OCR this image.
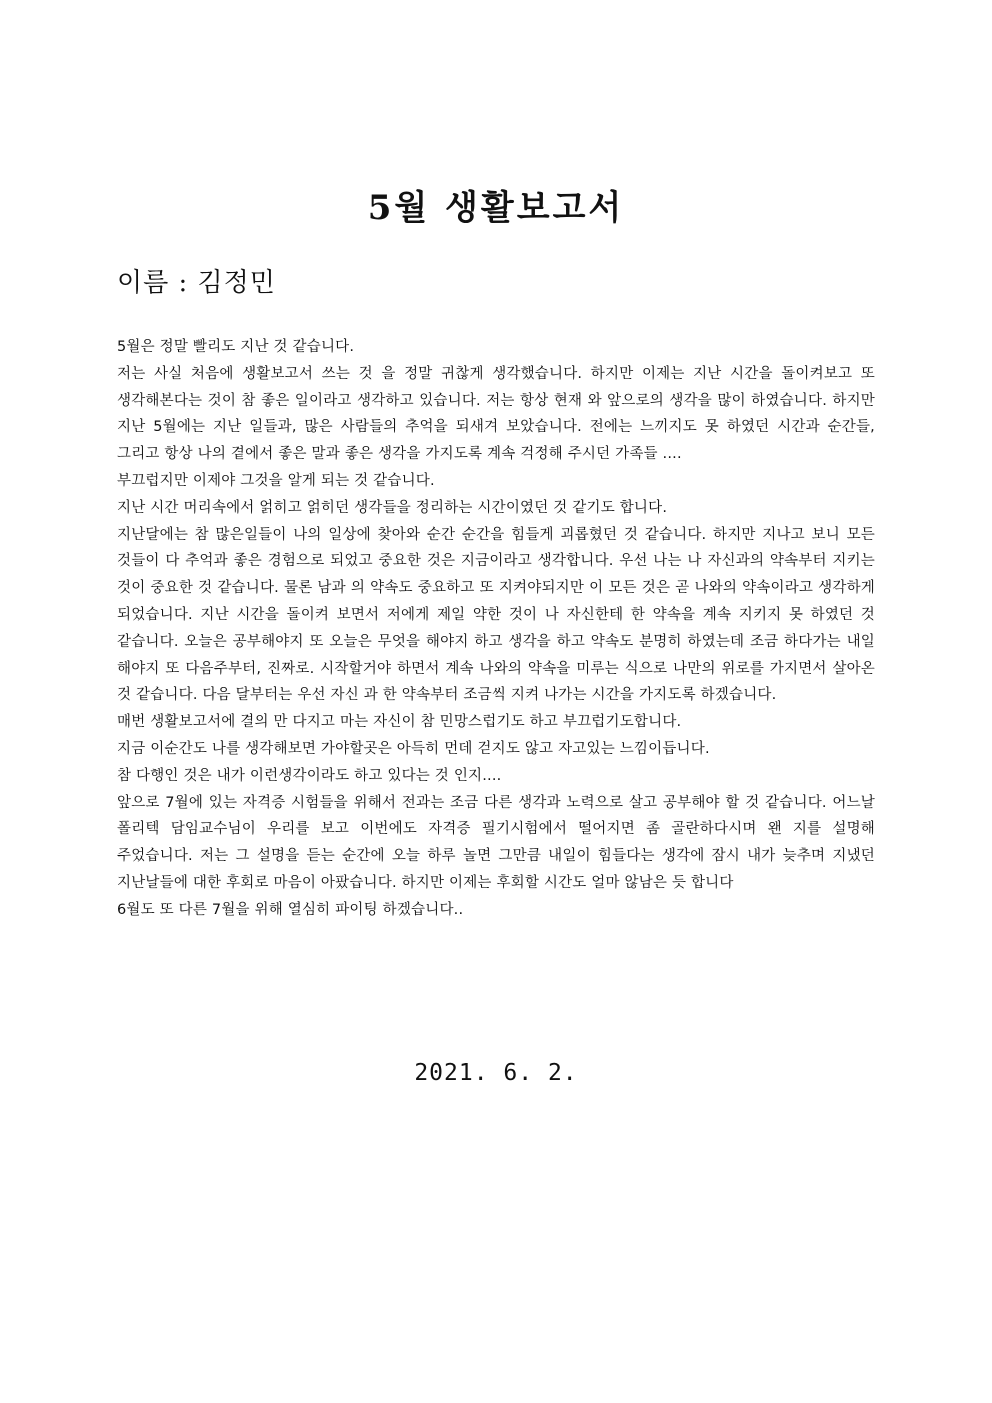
5월 생활보고서
이름 : 김정민

5월은 정말 빨리도 지난 것 같습니다.

저는 사실 처음에 생활보고서 쓰는 것 을 정말 귀찮게 생각했습니다. 하지만 이제는 지난 시간을 돌이켜보고 또 생각해본다는 것이 참 좋은 일이라고 생각하고 있습니다. 저는 항상 현재 와 앞으로의 생각을 많이 하였습니다. 하지만 지난 5월에는 지난 일들과, 많은 사람들의 추억을 되새겨 보았습니다. 전에는 느끼지도 못 하였던 시간과 순간들, 그리고 항상 나의 곁에서 좋은 말과 좋은 생각을 가지도록 계속 걱정해 주시던 가족들 ....

부끄럽지만 이제야 그것을 알게 되는 것 같습니다.

지난 시간 머리속에서 얽히고 얽히던 생각들을 정리하는 시간이였던 것 같기도 합니다.

지난달에는 참 많은일들이 나의 일상에 찾아와 순간 순간을 힘들게 괴롭혔던 것 같습니다. 하지만 지나고 보니 모든 것들이 다 추억과 좋은 경험으로 되었고 중요한 것은 지금이라고 생각합니다. 우선 나는 나 자신과의 약속부터 지키는 것이 중요한 것 같습니다. 물론 남과 의 약속도 중요하고 또 지켜야되지만 이 모든 것은 곧 나와의 약속이라고 생각하게 되었습니다. 지난 시간을 돌이켜 보면서 저에게 제일 약한 것이 나 자신한테 한 약속을 계속 지키지 못 하였던 것 같습니다. 오늘은 공부해야지 또 오늘은 무엇을 해야지 하고 생각을 하고 약속도 분명히 하였는데 조금 하다가는 내일 해야지 또 다음주부터, 진짜로. 시작할거야 하면서 계속 나와의 약속을 미루는 식으로 나만의 위로를 가지면서 살아온 것 같습니다. 다음 달부터는 우선 자신 과 한 약속부터 조금씩 지켜 나가는 시간을 가지도록 하겠습니다.

매번 생활보고서에 결의 만 다지고 마는 자신이 참 민망스럽기도 하고 부끄럽기도합니다.

지금 이순간도 나를 생각해보면 가야할곳은 아득히 먼데 걷지도 않고 자고있는 느낌이듭니다.

참 다행인 것은 내가 이런생각이라도 하고 있다는 것 인지....

앞으로 7월에 있는 자격증 시험들을 위해서 전과는 조금 다른 생각과 노력으로 살고 공부해야 할 것 같습니다. 어느날 폴리텍 담임교수님이 우리를 보고 이번에도 자격증 필기시험에서 떨어지면 좀 골란하다시며 왠 지를 설명해 주었습니다. 저는 그 설명을 듣는 순간에 오늘 하루 놀면 그만큼 내일이 힘들다는 생각에 잠시 내가 늦추며 지냈던 지난날들에 대한 후회로 마음이 아팠습니다. 하지만 이제는 후회할 시간도 얼마 않남은 듯 합니다

6월도 또 다른 7월을 위해 열심히 파이팅 하겠습니다..

2021. 6. 2.
